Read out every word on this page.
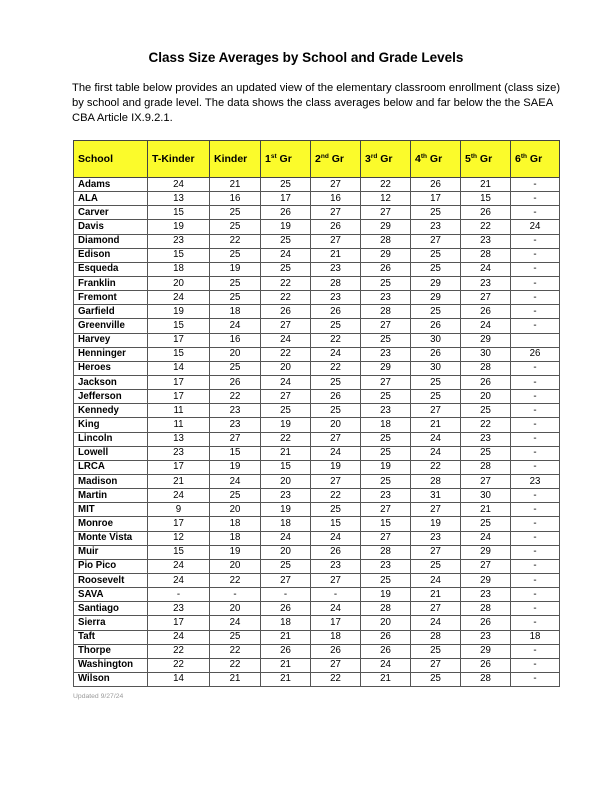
Class Size Averages by School and Grade Levels

The first table below provides an updated view of the elementary classroom enrollment (class size) by school and grade level. The data shows the class averages below and far below the the SAEA CBA Article IX.9.2.1.

School	T-Kinder	Kinder	1st Gr	2nd Gr	3rd Gr	4th Gr	5th Gr	6th Gr
Adams	24	21	25	27	22	26	21	-
ALA	13	16	17	16	12	17	15	-
Carver	15	25	26	27	27	25	26	-
Davis	19	25	19	26	29	23	22	24
Diamond	23	22	25	27	28	27	23	-
Edison	15	25	24	21	29	25	28	-
Esqueda	18	19	25	23	26	25	24	-
Franklin	20	25	22	28	25	29	23	-
Fremont	24	25	22	23	23	29	27	-
Garfield	19	18	26	26	28	25	26	-
Greenville	15	24	27	25	27	26	24	-
Harvey	17	16	24	22	25	30	29	
Henninger	15	20	22	24	23	26	30	26
Heroes	14	25	20	22	29	30	28	-
Jackson	17	26	24	25	27	25	26	-
Jefferson	17	22	27	26	25	25	20	-
Kennedy	11	23	25	25	23	27	25	-
King	11	23	19	20	18	21	22	-
Lincoln	13	27	22	27	25	24	23	-
Lowell	23	15	21	24	25	24	25	-
LRCA	17	19	15	19	19	22	28	-
Madison	21	24	20	27	25	28	27	23
Martin	24	25	23	22	23	31	30	-
MIT	9	20	19	25	27	27	21	-
Monroe	17	18	18	15	15	19	25	-
Monte Vista	12	18	24	24	27	23	24	-
Muir	15	19	20	26	28	27	29	-
Pio Pico	24	20	25	23	23	25	27	-
Roosevelt	24	22	27	27	25	24	29	-
SAVA	-	-	-	-	19	21	23	-
Santiago	23	20	26	24	28	27	28	-
Sierra	17	24	18	17	20	24	26	-
Taft	24	25	21	18	26	28	23	18
Thorpe	22	22	26	26	26	25	29	-
Washington	22	22	21	27	24	27	26	-
Wilson	14	21	21	22	21	25	28	-
Updated 9/27/24
